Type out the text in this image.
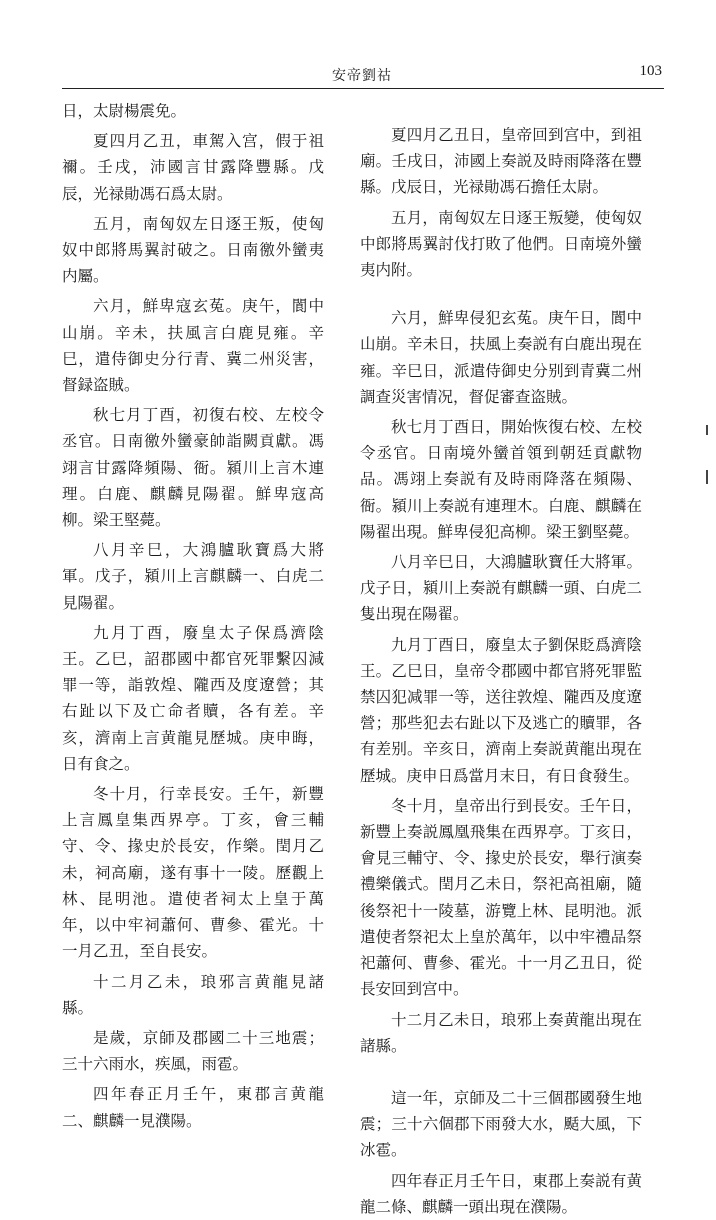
安帝劉祜	103

日，太尉楊震免。

夏四月乙丑，車駕入宫，假于祖禰。壬戌，沛國言甘露降豐縣。戊辰，光禄勛馮石爲太尉。

五月，南匈奴左日逐王叛，使匈奴中郎將馬翼討破之。日南徼外蠻夷内屬。

六月，鮮卑寇玄菟。庚午，閬中山崩。辛未，扶風言白鹿見雍。辛巳，遣侍御史分行青、冀二州災害，督録盗賊。

秋七月丁酉，初復右校、左校令丞官。日南徼外蠻豪帥詣闕貢獻。馮翊言甘露降頻陽、衙。潁川上言木連理。白鹿、麒麟見陽翟。鮮卑寇高柳。梁王堅薨。

八月辛巳，大鴻臚耿寶爲大將軍。戊子，潁川上言麒麟一、白虎二見陽翟。

九月丁酉，廢皇太子保爲濟陰王。乙巳，詔郡國中都官死罪繫囚減罪一等，詣敦煌、隴西及度遼營；其右趾以下及亡命者贖，各有差。辛亥，濟南上言黄龍見歷城。庚申晦，日有食之。

冬十月，行幸長安。壬午，新豐上言鳳皇集西界亭。丁亥，會三輔守、令、掾史於長安，作樂。閏月乙未，祠高廟，遂有事十一陵。歷觀上林、昆明池。遣使者祠太上皇于萬年，以中牢祠蕭何、曹參、霍光。十一月乙丑，至自長安。

十二月乙未，琅邪言黄龍見諸縣。

是歲，京師及郡國二十三地震；三十六雨水，疾風，雨雹。

四年春正月壬午，東郡言黄龍二、麒麟一見濮陽。

夏四月乙丑日，皇帝回到宫中，到祖廟。壬戌日，沛國上奏説及時雨降落在豐縣。戊辰日，光禄勛馮石擔任太尉。

五月，南匈奴左日逐王叛變，使匈奴中郎將馬翼討伐打敗了他們。日南境外蠻夷内附。

六月，鮮卑侵犯玄菟。庚午日，閬中山崩。辛未日，扶風上奏説有白鹿出現在雍。辛巳日，派遣侍御史分别到青冀二州調查災害情况，督促審查盗賊。

秋七月丁酉日，開始恢復右校、左校令丞官。日南境外蠻首領到朝廷貢獻物品。馮翊上奏説有及時雨降落在頻陽、衙。潁川上奏説有連理木。白鹿、麒麟在陽翟出現。鮮卑侵犯高柳。梁王劉堅薨。

八月辛巳日，大鴻臚耿寶任大將軍。戊子日，潁川上奏説有麒麟一頭、白虎二隻出現在陽翟。

九月丁酉日，廢皇太子劉保貶爲濟陰王。乙巳日，皇帝令郡國中都官將死罪監禁囚犯减罪一等，送往敦煌、隴西及度遼營；那些犯去右趾以下及逃亡的贖罪，各有差别。辛亥日，濟南上奏説黄龍出現在歷城。庚申日爲當月末日，有日食發生。

冬十月，皇帝出行到長安。壬午日，新豐上奏説鳳凰飛集在西界亭。丁亥日，會見三輔守、令、掾史於長安，舉行演奏禮樂儀式。閏月乙未日，祭祀高祖廟，隨後祭祀十一陵墓，游覽上林、昆明池。派遣使者祭祀太上皇於萬年，以中牢禮品祭祀蕭何、曹參、霍光。十一月乙丑日，從長安回到宫中。

十二月乙未日，琅邪上奏黄龍出現在諸縣。

這一年，京師及二十三個郡國發生地震；三十六個郡下雨發大水，颳大風，下冰雹。

四年春正月壬午日，東郡上奏説有黄龍二條、麒麟一頭出現在濮陽。
